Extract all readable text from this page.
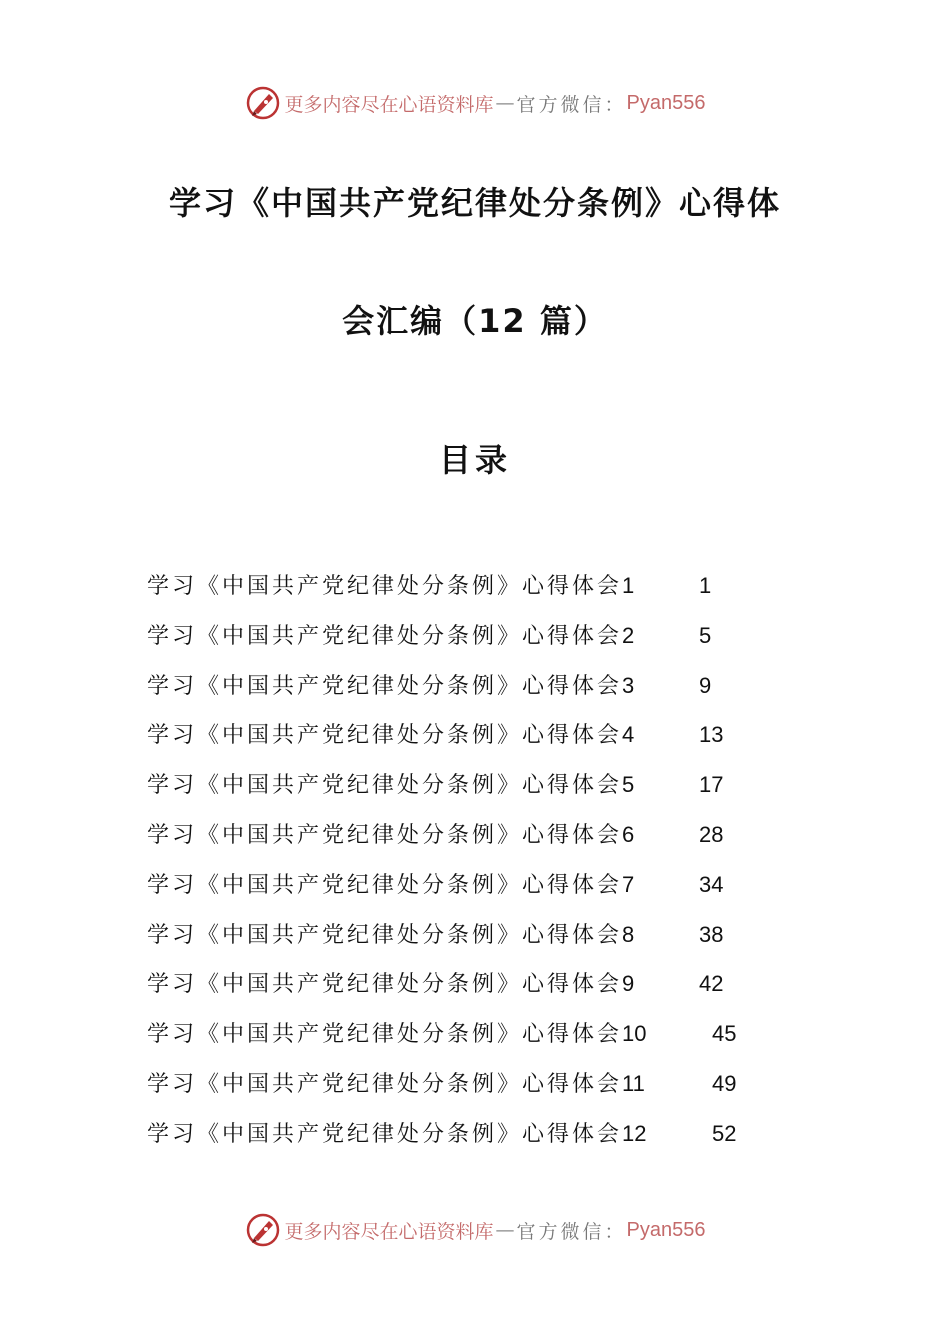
更多内容尽在心语资料库 — 官方微信： Pyan556
学习《中国共产党纪律处分条例》心得体
会汇编（12 篇）
目录
学习《中国共产党纪律处分条例》心得体会1	1
学习《中国共产党纪律处分条例》心得体会2	5
学习《中国共产党纪律处分条例》心得体会3	9
学习《中国共产党纪律处分条例》心得体会4	13
学习《中国共产党纪律处分条例》心得体会5	17
学习《中国共产党纪律处分条例》心得体会6	28
学习《中国共产党纪律处分条例》心得体会7	34
学习《中国共产党纪律处分条例》心得体会8	38
学习《中国共产党纪律处分条例》心得体会9	42
学习《中国共产党纪律处分条例》心得体会10	45
学习《中国共产党纪律处分条例》心得体会11	49
学习《中国共产党纪律处分条例》心得体会12	52
更多内容尽在心语资料库 — 官方微信： Pyan556
